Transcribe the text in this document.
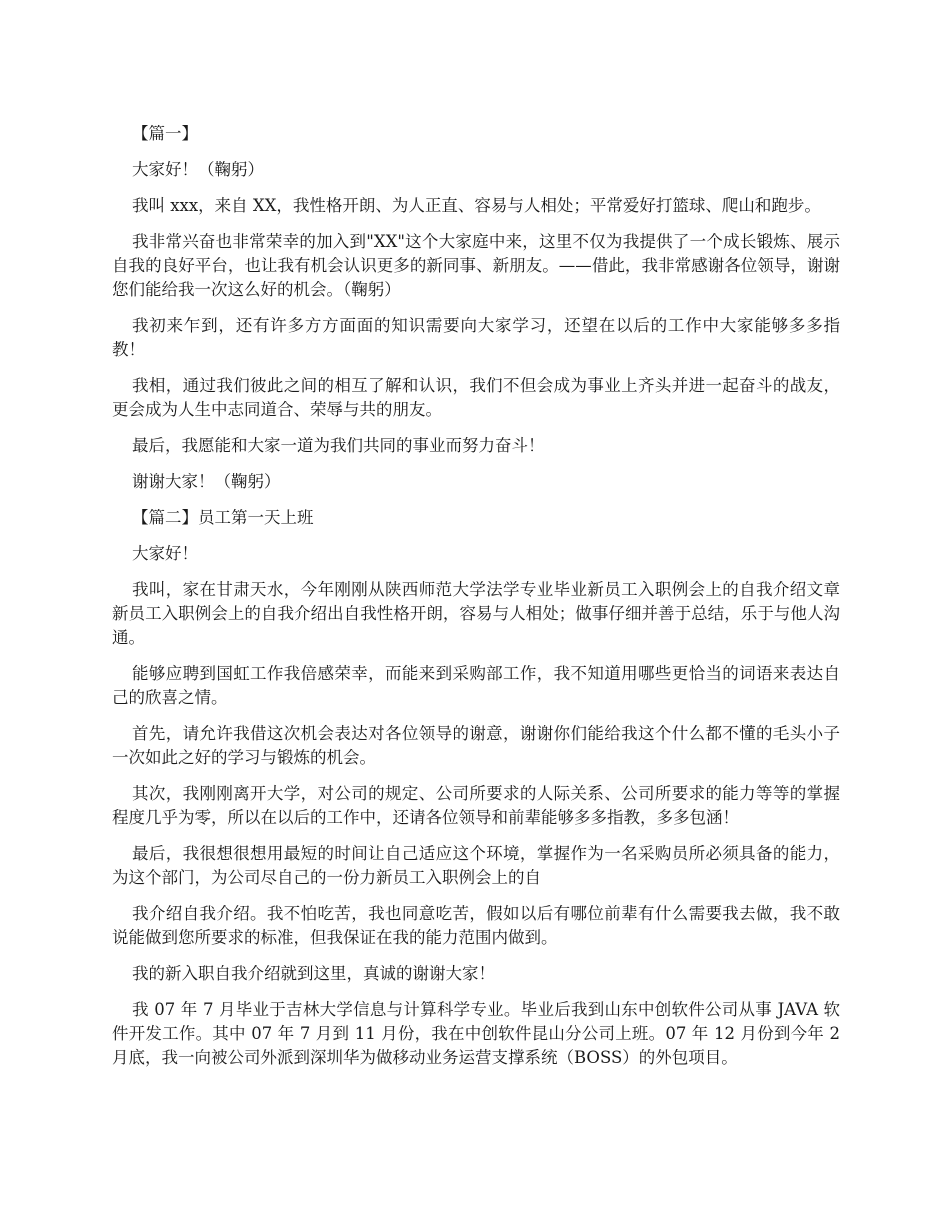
【篇一】

大家好！（鞠躬）

我叫 xxx，来自 XX，我性格开朗、为人正直、容易与人相处；平常爱好打篮球、爬山和跑步。

我非常兴奋也非常荣幸的加入到"XX"这个大家庭中来，这里不仅为我提供了一个成长锻炼、展示自我的良好平台，也让我有机会认识更多的新同事、新朋友。——借此，我非常感谢各位领导，谢谢您们能给我一次这么好的机会。（鞠躬）

我初来乍到，还有许多方方面面的知识需要向大家学习，还望在以后的工作中大家能够多多指教！

我相，通过我们彼此之间的相互了解和认识，我们不但会成为事业上齐头并进一起奋斗的战友，更会成为人生中志同道合、荣辱与共的朋友。

最后，我愿能和大家一道为我们共同的事业而努力奋斗！

谢谢大家！（鞠躬）

【篇二】员工第一天上班

大家好！

我叫，家在甘肃天水，今年刚刚从陕西师范大学法学专业毕业新员工入职例会上的自我介绍文章新员工入职例会上的自我介绍出自我性格开朗，容易与人相处；做事仔细并善于总结，乐于与他人沟通。

能够应聘到国虹工作我倍感荣幸，而能来到采购部工作，我不知道用哪些更恰当的词语来表达自己的欣喜之情。

首先，请允许我借这次机会表达对各位领导的谢意，谢谢你们能给我这个什么都不懂的毛头小子一次如此之好的学习与锻炼的机会。

其次，我刚刚离开大学，对公司的规定、公司所要求的人际关系、公司所要求的能力等等的掌握程度几乎为零，所以在以后的工作中，还请各位领导和前辈能够多多指教，多多包涵！

最后，我很想很想用最短的时间让自己适应这个环境，掌握作为一名采购员所必须具备的能力，为这个部门，为公司尽自己的一份力新员工入职例会上的自

我介绍自我介绍。我不怕吃苦，我也同意吃苦，假如以后有哪位前辈有什么需要我去做，我不敢说能做到您所要求的标准，但我保证在我的能力范围内做到。

我的新入职自我介绍就到这里，真诚的谢谢大家！

我 07 年 7 月毕业于吉林大学信息与计算科学专业。毕业后我到山东中创软件公司从事 JAVA 软件开发工作。其中 07 年 7 月到 11 月份，我在中创软件昆山分公司上班。07 年 12 月份到今年 2 月底，我一向被公司外派到深圳华为做移动业务运营支撑系统（BOSS）的外包项目。
